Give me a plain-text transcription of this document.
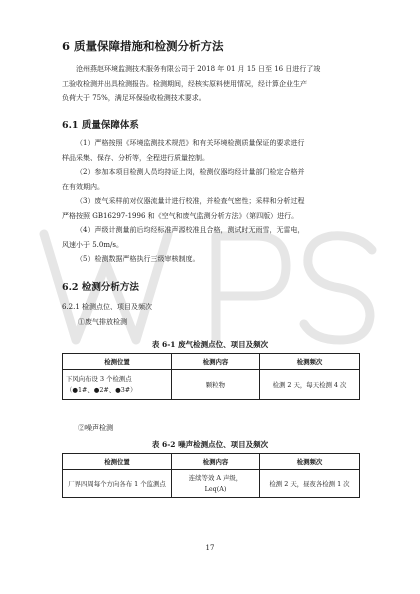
6 质量保障措施和检测分析方法
沧州燕赵环境监测技术服务有限公司于 2018 年 01 月 15 日至 16 日进行了竣
工验收检测并出具检测报告。检测期间，经核实原料使用情况，经计算企业生产
负荷大于 75%，满足环保验收检测技术要求。
6.1 质量保障体系
（1）严格按照《环境监测技术规范》和有关环境检测质量保证的要求进行
样品采集、保存、分析等，全程进行质量控制。
（2）参加本项目检测人员均持证上岗，检测仪器均经计量部门检定合格并
在有效期内。
（3）废气采样前对仪器流量计进行校准，并检查气密性；采样和分析过程
严格按照 GB16297-1996 和《空气和废气监测分析方法》（第四版）进行。
（4）声级计测量前后均经标准声源校准且合格，测试时无雨雪，无雷电，
风速小于 5.0m/s。
（5）检测数据严格执行三级审核制度。
6.2 检测分析方法
6.2.1 检测点位、项目及频次
①废气排放检测
表 6-1 废气检测点位、项目及频次
检测位置	检测内容	检测频次
下风向布设 3 个检测点
（●1#、●2#、●3#）	颗粒物	检测 2 天，每天检测 4 次
②噪声检测
表 6-2 噪声检测点位、项目及频次
检测位置	检测内容	检测频次
厂界四周每个方向各布 1 个监测点	连续等效 A 声级，
Leq(A)	检测 2 天，昼夜各检测 1 次
17
